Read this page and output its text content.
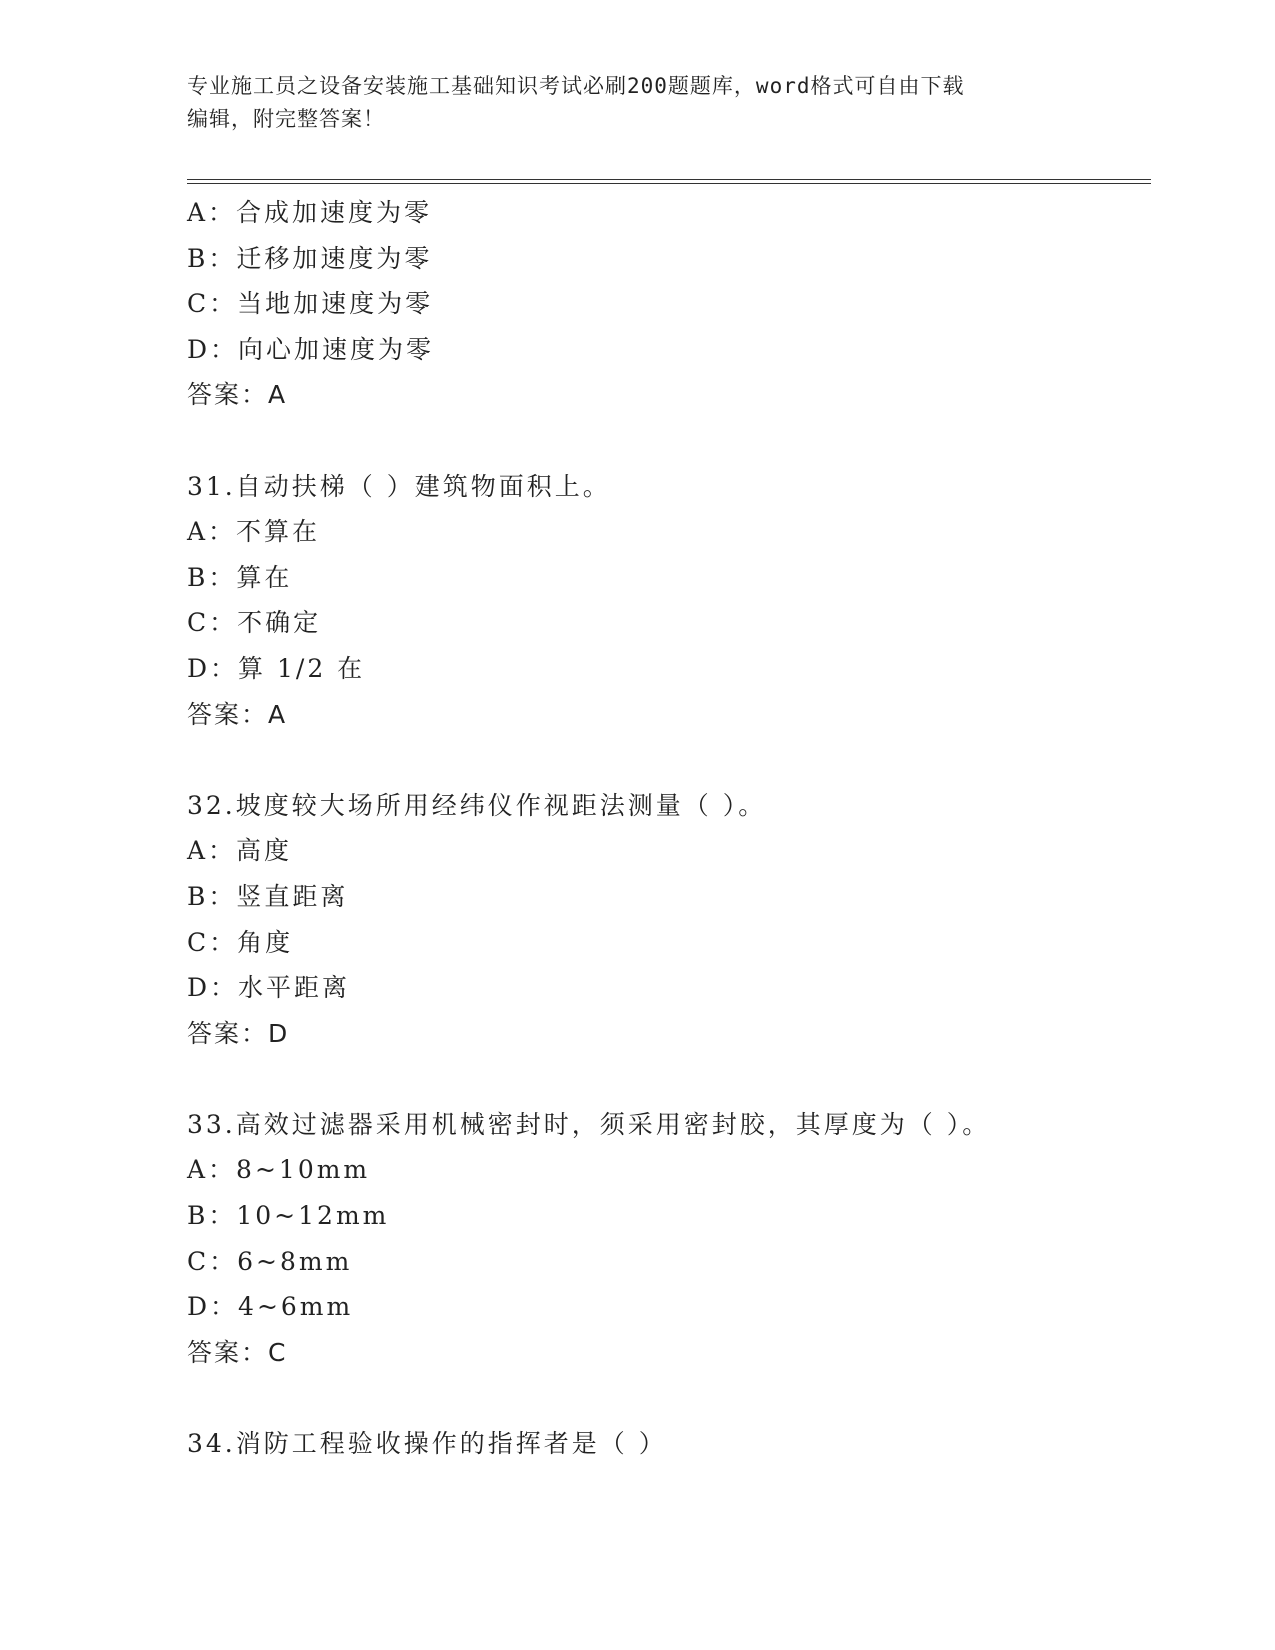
专业施工员之设备安装施工基础知识考试必刷200题题库，word格式可自由下载
编辑，附完整答案！
A：合成加速度为零
B：迁移加速度为零
C：当地加速度为零
D：向心加速度为零
答案：A
31.自动扶梯（ ）建筑物面积上。
A：不算在
B：算在
C：不确定
D：算 1/2 在
答案：A
32.坡度较大场所用经纬仪作视距法测量（ ）。
A：高度
B：竖直距离
C：角度
D：水平距离
答案：D
33.高效过滤器采用机械密封时，须采用密封胶，其厚度为（ ）。
A：8~10mm
B：10~12mm
C：6~8mm
D：4~6mm
答案：C
34.消防工程验收操作的指挥者是（ ）
